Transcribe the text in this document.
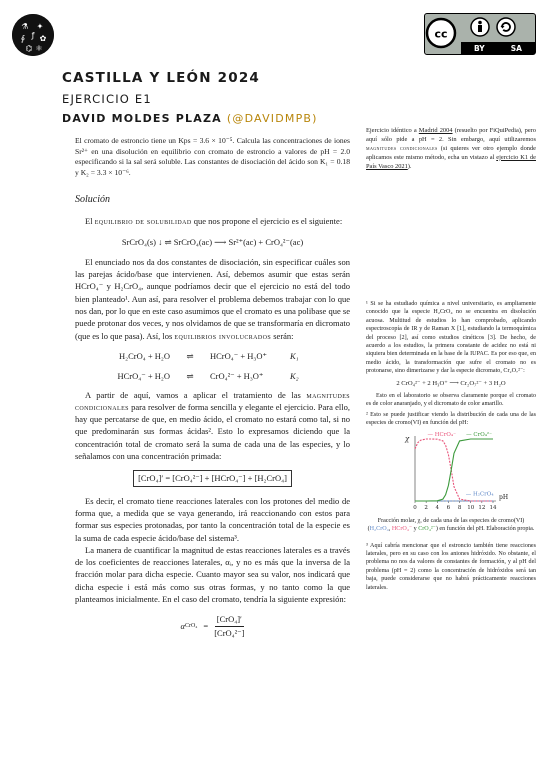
⚗ ✦
∮ ƒ ✿
⌬ ⚛
cc
BY	SA
CASTILLA Y LEÓN 2024
EJERCICIO E1
DAVID MOLDES PLAZA (@DAVIDMPB)

El cromato de estroncio tiene un Kps = 3.6 × 10⁻⁵. Calcula las concentraciones de iones Sr²⁺ en una disolución en equilibrio con cromato de estroncio a valores de pH = 2.0 especificando si la sal será soluble. Las constantes de disociación del ácido son K₁ = 0.18 y K₂ = 3.3 × 10⁻⁶.

Ejercicio idéntico a Madrid 2004 (resuelto por FiQuiPedia), pero aquí sólo pide a pH = 2. Sin embargo, aquí utilizaremos magnitudes condicionales (si quieres ver otro ejemplo donde aplicamos este mismo método, echa un vistazo al ejercicio K1 de País Vasco 2021).

Solución

El equilibrio de solubilidad que nos propone el ejercicio es el siguiente:

SrCrO₄(s) ↓ ⇌ SrCrO₄(ac) ⟶ Sr²⁺(ac) + CrO₄²⁻(ac)

El enunciado nos da dos constantes de disociación, sin especificar cuáles son las parejas ácido/base que intervienen. Así, debemos asumir que estas serán HCrO₄⁻ y H₂CrO₄, aunque podríamos decir que el ejercicio no está del todo bien planteado¹. Aun así, para resolver el problema debemos trabajar con lo que nos dan, por lo que en este caso asumimos que el cromato es una polibase que se puede protonar dos veces, y nos olvidamos de que se transformaría en dicromato (que es lo que pasa). Así, los equilibrios involucrados serán:

H₂CrO₄ + H₂O	⇌	HCrO₄⁻ + H₃O⁺	K₁
HCrO₄⁻ + H₂O	⇌	CrO₄²⁻ + H₃O⁺	K₂

A partir de aquí, vamos a aplicar el tratamiento de las magnitudes condicionales para resolver de forma sencilla y elegante el ejercicio. Para ello, hay que percatarse de que, en medio ácido, el cromato no estará como tal, si no que predominarán sus formas ácidas². Esto lo expresamos diciendo que la concentración total de cromato será la suma de cada una de las especies, y lo señalamos con una concentración primada:

[CrO₄]′ = [CrO₄²⁻] + [HCrO₄⁻] + [H₂CrO₄]

Es decir, el cromato tiene reacciones laterales con los protones del medio de forma que, a medida que se vaya generando, irá reaccionando con estos para formar sus especies protonadas, por tanto la concentración total de la especie es la suma de cada especie ácido/base del sistema³.

La manera de cuantificar la magnitud de estas reacciones laterales es a través de los coeficientes de reacciones laterales, αᵢ, y no es más que la inversa de la fracción molar para dicha especie. Cuanto mayor sea su valor, nos indicará que dicha especie i está más como sus otras formas, y no tanto como la que planteamos inicialmente. En el caso del cromato, tendría la siguiente expresión:

α CrO₄ =
[CrO₄]′
[CrO₄²⁻]

¹ Si se ha estudiado química a nivel universitario, es ampliamente conocido que la especie H₂CrO₄ no se encuentra en disolución acuosa. Multitud de estudios lo han comprobado, aplicando espectroscopía de IR y de Raman X [1], estudiando la termoquímica del proceso [2], así como estudios cinéticos [3]. De hecho, de acuerdo a los estudios, la primera constante de acidez no está ni siquiera bien determinada en la base de la IUPAC. Es por eso que, en medio ácido, la transformación que sufre el cromato no es protonarse, sino dimerizarse y dar la especie dicromato, Cr₂O₇²⁻:

2 CrO₄²⁻ + 2 H₃O⁺ ⟶ Cr₂O₇²⁻ + 3 H₂O

Esto en el laboratorio se observa claramente porque el cromato es de color anaranjado, y el dicromato de color amarillo.

² Esto se puede justificar viendo la distribución de cada una de las especies de cromo(VI) en función del pH:

0 2 4 6 8 10 12 14
pH
χ
— HCrO₄⁻ — CrO₄²⁻
— H₂CrO₄

Fracción molar, χ, de cada una de las especies de cromo(VI) (H₂CrO₄, HCrO₄⁻ y CrO₄²⁻) en función del pH. Elaboración propia.

³ Aquí cabría mencionar que el estroncio también tiene reacciones laterales, pero en su caso con los aniones hidróxido. No obstante, el problema no nos da valores de constantes de formación, y al pH del problema (pH = 2) como la concentración de hidróxidos será tan baja, puede considerarse que no habrá prácticamente reacciones laterales.
